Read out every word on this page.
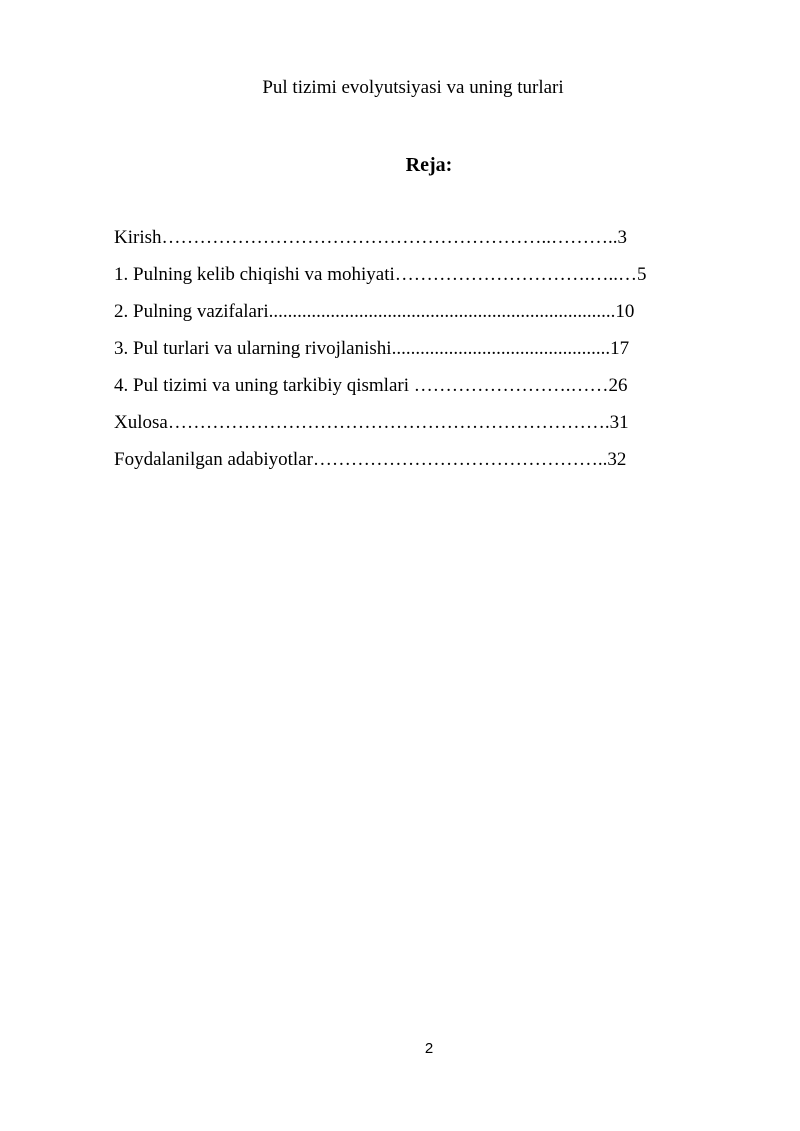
Pul tizimi evolyutsiyasi va uning turlari
Reja:
Kirish……………………………………………………..………..3
1. Pulning kelib chiqishi va mohiyati………………………….…..…5
2. Pulning vazifalari.........................................................................10
3. Pul turlari va ularning rivojlanishi..............................................17
4. Pul tizimi va uning tarkibiy qismlari …………………….……26
Xulosa…………………………………………………………….31
Foydalanilgan adabiyotlar………………………………………..32
2
